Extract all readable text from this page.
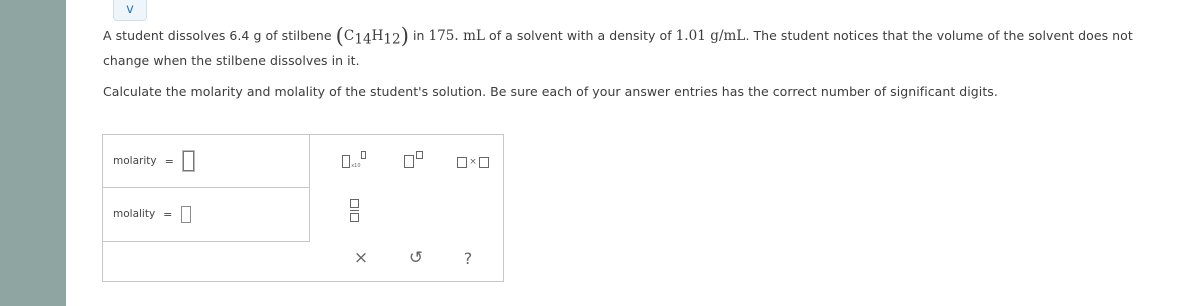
v
A student dissolves 6.4 g of stilbene $(C_{14}H_{12})$ in 175. mL of a solvent with a density of 1.01 g/mL. The student notices that the volume of the solvent does not
change when the stilbene dissolves in it.
Calculate the molarity and molality of the student's solution. Be sure each of your answer entries has the correct number of significant digits.
molarity =
molality =
x10	×
× ↺	?
